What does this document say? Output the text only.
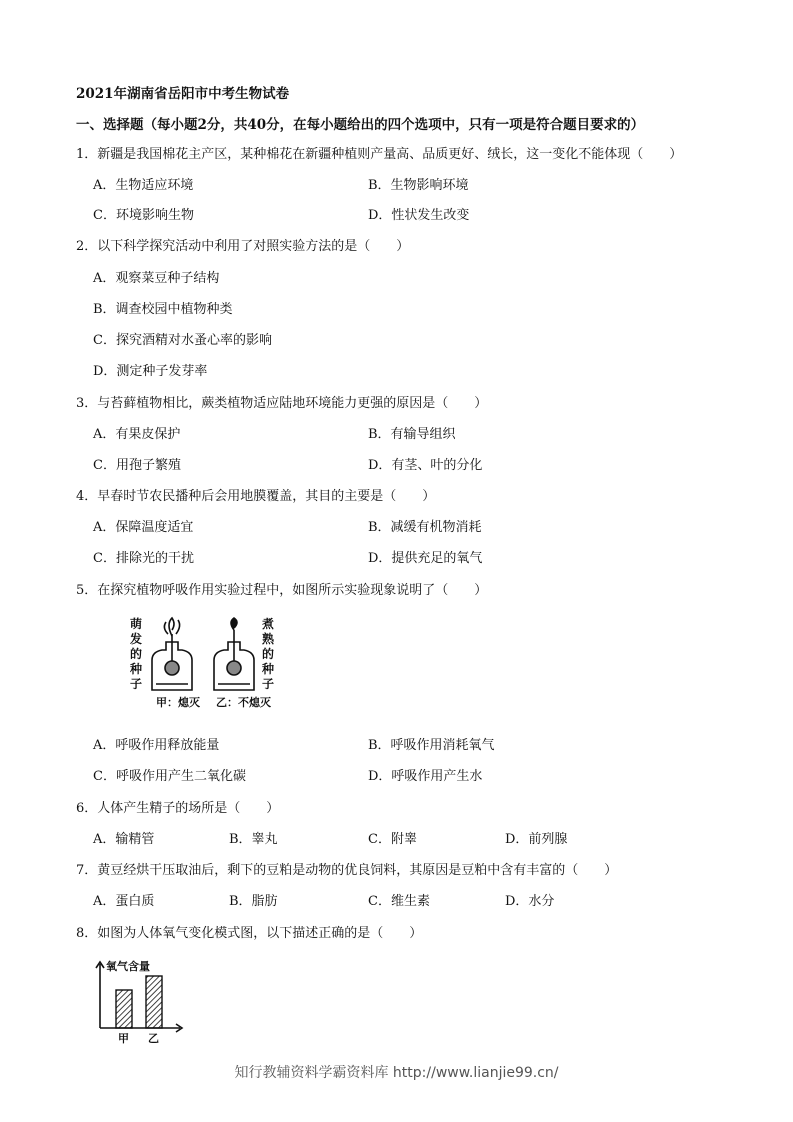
2021年湖南省岳阳市中考生物试卷
一、选择题（每小题2分，共40分，在每小题给出的四个选项中，只有一项是符合题目要求的）
1．新疆是我国棉花主产区，某种棉花在新疆种植则产量高、品质更好、绒长，这一变化不能体现（　　）
A．生物适应环境	B．生物影响环境
C．环境影响生物	D．性状发生改变
2．以下科学探究活动中利用了对照实验方法的是（　　）
A．观察菜豆种子结构
B．调查校园中植物种类
C．探究酒精对水蚤心率的影响
D．测定种子发芽率
3．与苔藓植物相比，蕨类植物适应陆地环境能力更强的原因是（　　）
A．有果皮保护	B．有输导组织
C．用孢子繁殖	D．有茎、叶的分化
4．早春时节农民播种后会用地膜覆盖，其目的主要是（　　）
A．保障温度适宜	B．减缓有机物消耗
C．排除光的干扰	D．提供充足的氧气
5．在探究植物呼吸作用实验过程中，如图所示实验现象说明了（　　）
萌
发
的
种
子
煮
熟
的
种
子
甲：熄灭 乙：不熄灭
A．呼吸作用释放能量	B．呼吸作用消耗氧气
C．呼吸作用产生二氧化碳	D．呼吸作用产生水
6．人体产生精子的场所是（　　）
A．输精管	B．睾丸	C．附睾	D．前列腺
7．黄豆经烘干压取油后，剩下的豆粕是动物的优良饲料，其原因是豆粕中含有丰富的（　　）
A．蛋白质	B．脂肪	C．维生素	D．水分
8．如图为人体氧气变化模式图，以下描述正确的是（　　）
氧气含量
甲 乙
知行教辅资料学霸资料库 http://www.lianjie99.cn/
